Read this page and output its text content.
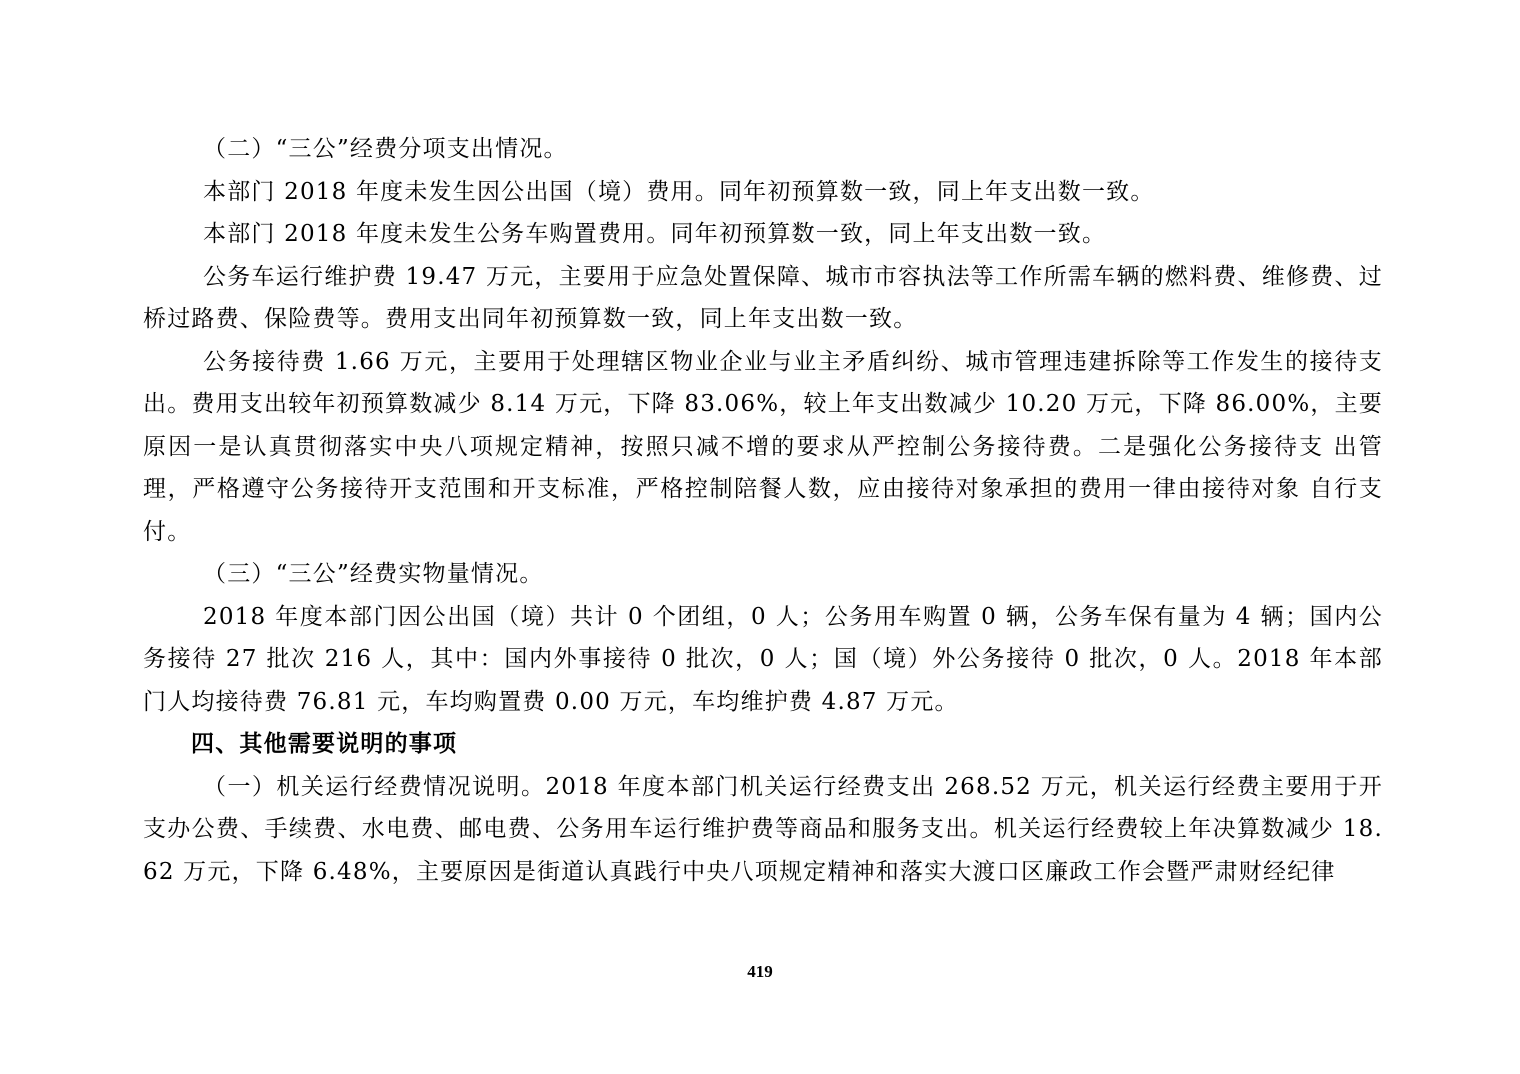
（二）“三公”经费分项支出情况。

本部门 2018 年度未发生因公出国（境）费用。同年初预算数一致，同上年支出数一致。

本部门 2018 年度未发生公务车购置费用。同年初预算数一致，同上年支出数一致。

公务车运行维护费 19.47 万元，主要用于应急处置保障、城市市容执法等工作所需车辆的燃料费、维修费、过桥过路费、保险费等。费用支出同年初预算数一致，同上年支出数一致。

公务接待费 1.66 万元，主要用于处理辖区物业企业与业主矛盾纠纷、城市管理违建拆除等工作发生的接待支出。费用支出较年初预算数减少 8.14 万元，下降 83.06%，较上年支出数减少 10.20 万元，下降 86.00%，主要原因一是认真贯彻落实中央八项规定精神，按照只减不增的要求从严控制公务接待费。二是强化公务接待支 出管理，严格遵守公务接待开支范围和开支标准，严格控制陪餐人数，应由接待对象承担的费用一律由接待对象 自行支付。

（三）“三公”经费实物量情况。

2018 年度本部门因公出国（境）共计 0 个团组，0 人；公务用车购置 0 辆，公务车保有量为 4 辆；国内公务接待 27 批次 216 人，其中：国内外事接待 0 批次，0 人；国（境）外公务接待 0 批次，0 人。2018 年本部门人均接待费 76.81 元，车均购置费 0.00 万元，车均维护费 4.87 万元。

四、其他需要说明的事项

（一）机关运行经费情况说明。2018 年度本部门机关运行经费支出 268.52 万元，机关运行经费主要用于开支办公费、手续费、水电费、邮电费、公务用车运行维护费等商品和服务支出。机关运行经费较上年决算数减少 18.62 万元，下降 6.48%，主要原因是街道认真践行中央八项规定精神和落实大渡口区廉政工作会暨严肃财经纪律

419
